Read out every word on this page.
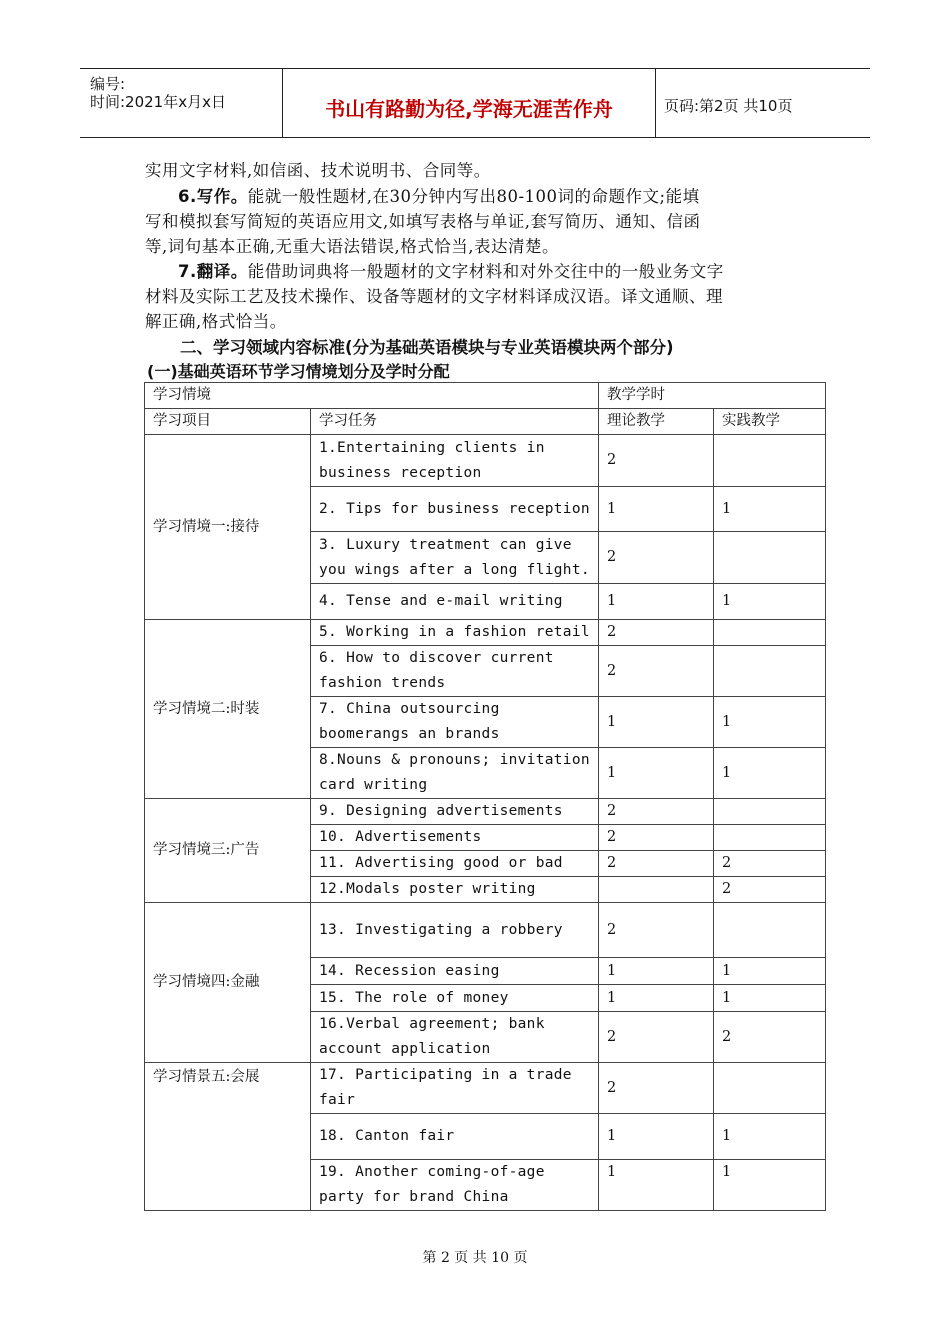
编号:
时间:2021年x月x日	书山有路勤为径,学海无涯苦作舟	页码:第2页 共10页
实用文字材料,如信函、技术说明书、合同等。
6.写作。能就一般性题材,在30分钟内写出80-100词的命题作文;能填
写和模拟套写简短的英语应用文,如填写表格与单证,套写简历、通知、信函
等,词句基本正确,无重大语法错误,格式恰当,表达清楚。
7.翻译。能借助词典将一般题材的文字材料和对外交往中的一般业务文字
材料及实际工艺及技术操作、设备等题材的文字材料译成汉语。译文通顺、理
解正确,格式恰当。
二、学习领域内容标准(分为基础英语模块与专业英语模块两个部分)
(一)基础英语环节学习情境划分及学时分配
学习情境		教学学时	
学习项目	学习任务	理论教学	实践教学
学习情境一:接待	1.Entertaining clients in business reception	2	
	2. Tips for business reception	1	1
	3. Luxury treatment can give you wings after a long flight.	2	
	4. Tense and e-mail writing	1	1
学习情境二:时装	5. Working in a fashion retail	2	
	6. How to discover current fashion trends	2	
	7. China outsourcing boomerangs an brands	1	1
	8.Nouns & pronouns; invitation card writing	1	1
学习情境三:广告	9. Designing advertisements	2	
	10. Advertisements	2	
	11. Advertising good or bad	2	2
	12.Modals poster writing		2
学习情境四:金融	13. Investigating a robbery	2	
	14. Recession easing	1	1
	15. The role of money	1	1
	16.Verbal agreement; bank account application	2	2
学习情景五:会展	17. Participating in a trade fair	2	
	18. Canton fair	1	1
	19. Another coming-of-age party for brand China	1	1
第 2 页 共 10 页
